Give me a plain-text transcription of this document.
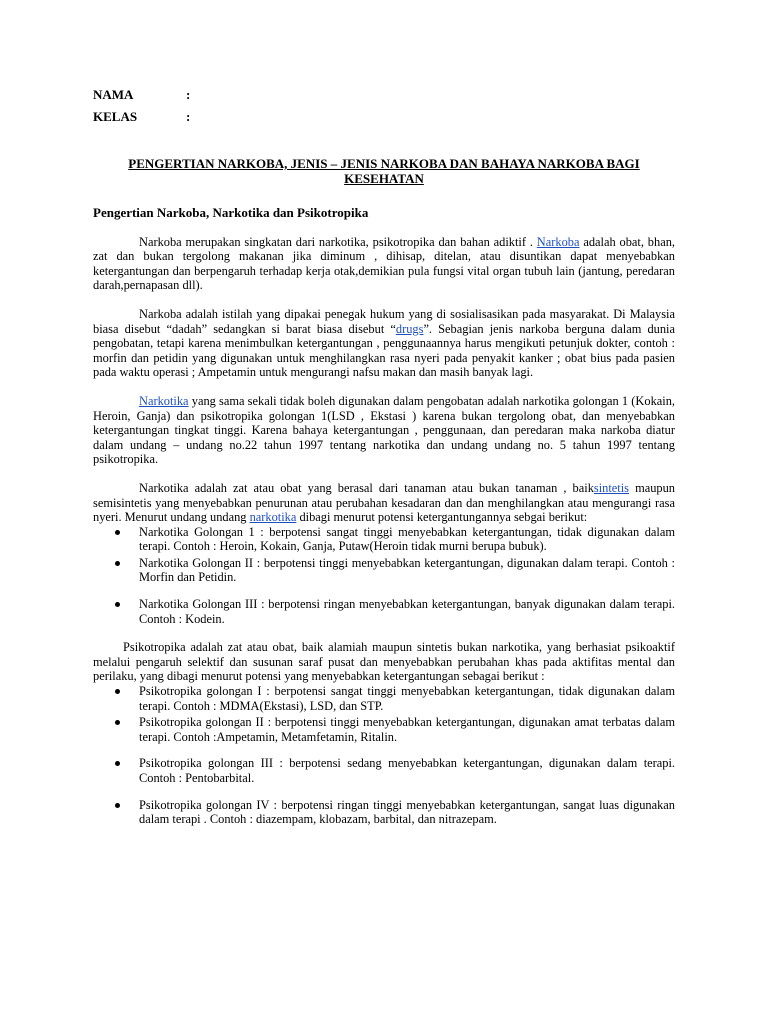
NAMA	:
KELAS	:
PENGERTIAN NARKOBA, JENIS – JENIS NARKOBA DAN BAHAYA NARKOBA BAGI KESEHATAN
Pengertian Narkoba, Narkotika dan Psikotropika

Narkoba merupakan singkatan dari narkotika, psikotropika dan bahan adiktif . Narkoba adalah obat, bhan, zat dan bukan tergolong makanan jika diminum , dihisap, ditelan, atau disuntikan dapat menyebabkan ketergantungan dan berpengaruh terhadap kerja otak,demikian pula fungsi vital organ tubuh lain (jantung, peredaran darah,pernapasan dll).

Narkoba adalah istilah yang dipakai penegak hukum yang di sosialisasikan pada masyarakat. Di Malaysia biasa disebut “dadah” sedangkan si barat biasa disebut “drugs”. Sebagian jenis narkoba berguna dalam dunia pengobatan, tetapi karena menimbulkan ketergantungan , penggunaannya harus mengikuti petunjuk dokter, contoh : morfin dan petidin yang digunakan untuk menghilangkan rasa nyeri pada penyakit kanker ; obat bius pada pasien pada waktu operasi ; Ampetamin untuk mengurangi nafsu makan dan masih banyak lagi.

Narkotika yang sama sekali tidak boleh digunakan dalam pengobatan adalah narkotika golongan 1 (Kokain, Heroin, Ganja) dan psikotropika golongan 1(LSD , Ekstasi ) karena bukan tergolong obat, dan menyebabkan ketergantungan tingkat tinggi. Karena bahaya ketergantungan , penggunaan, dan peredaran maka narkoba diatur dalam undang – undang no.22 tahun 1997 tentang narkotika dan undang undang no. 5 tahun 1997 tentang psikotropika.

Narkotika adalah zat atau obat yang berasal dari tanaman atau bukan tanaman , baiksintetis maupun semisintetis yang menyebabkan penurunan atau perubahan kesadaran dan dan menghilangkan atau mengurangi rasa nyeri. Menurut undang undang narkotika dibagi menurut potensi ketergantungannya sebgai berikut:

Narkotika Golongan 1 : berpotensi sangat tinggi menyebabkan ketergantungan, tidak digunakan dalam terapi. Contoh : Heroin, Kokain, Ganja, Putaw(Heroin tidak murni berupa bubuk).
Narkotika Golongan II : berpotensi tinggi menyebabkan ketergantungan, digunakan dalam terapi. Contoh : Morfin dan Petidin.
Narkotika Golongan III : berpotensi ringan menyebabkan ketergantungan, banyak digunakan dalam terapi. Contoh : Kodein.

Psikotropika adalah zat atau obat, baik alamiah maupun sintetis bukan narkotika, yang berhasiat psikoaktif melalui pengaruh selektif dan susunan saraf pusat dan menyebabkan perubahan khas pada aktifitas mental dan perilaku, yang dibagi menurut potensi yang menyebabkan ketergantungan sebagai berikut :

Psikotropika golongan I : berpotensi sangat tinggi menyebabkan ketergantungan, tidak digunakan dalam terapi. Contoh : MDMA(Ekstasi), LSD, dan STP.
Psikotropika golongan II : berpotensi tinggi menyebabkan ketergantungan, digunakan amat terbatas dalam terapi. Contoh :Ampetamin, Metamfetamin, Ritalin.
Psikotropika golongan III : berpotensi sedang menyebabkan ketergantungan, digunakan dalam terapi. Contoh : Pentobarbital.
Psikotropika golongan IV : berpotensi ringan tinggi menyebabkan ketergantungan, sangat luas digunakan dalam terapi . Contoh : diazempam, klobazam, barbital, dan nitrazepam.
